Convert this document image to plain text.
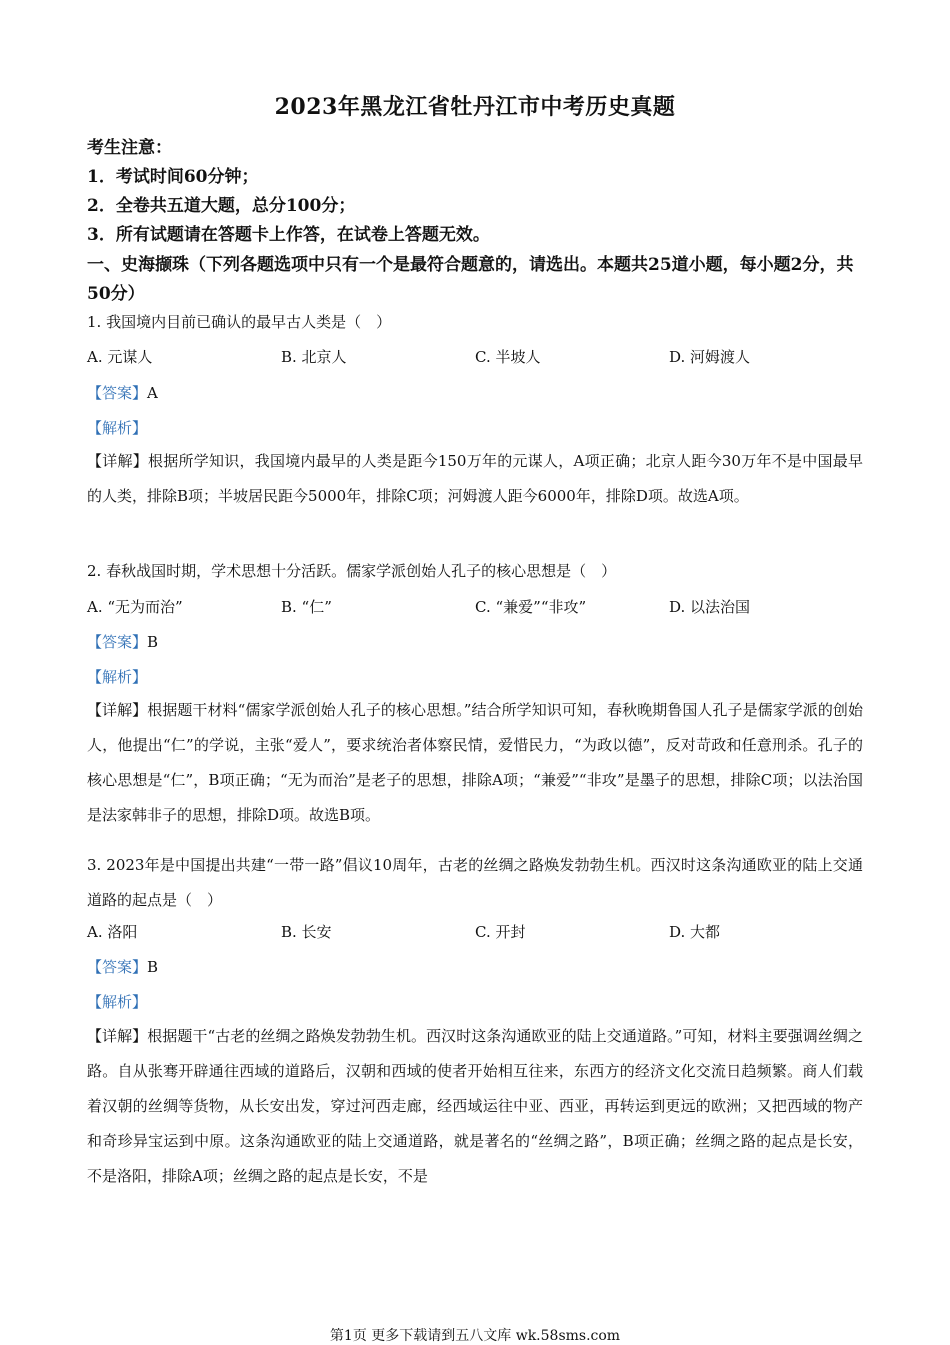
2023年黑龙江省牡丹江市中考历史真题
考生注意：
1．考试时间60分钟；
2．全卷共五道大题，总分100分；
3．所有试题请在答题卡上作答，在试卷上答题无效。
一、史海撷珠（下列各题选项中只有一个是最符合题意的，请选出。本题共25道小题，每小题2分，共50分）
1. 我国境内目前已确认的最早古人类是（　）
A. 元谋人	B. 北京人	C. 半坡人	D. 河姆渡人
【答案】A
【解析】
【详解】根据所学知识，我国境内最早的人类是距今150万年的元谋人，A项正确；北京人距今30万年不是中国最早的人类，排除B项；半坡居民距今5000年，排除C项；河姆渡人距今6000年，排除D项。故选A项。
2. 春秋战国时期，学术思想十分活跃。儒家学派创始人孔子的核心思想是（　）
A. “无为而治”	B. “仁”	C. “兼爱”“非攻”	D. 以法治国
【答案】B
【解析】
【详解】根据题干材料“儒家学派创始人孔子的核心思想。”结合所学知识可知，春秋晚期鲁国人孔子是儒家学派的创始人，他提出“仁”的学说，主张“爱人”，要求统治者体察民情，爱惜民力，“为政以德”，反对苛政和任意刑杀。孔子的核心思想是“仁”，B项正确；“无为而治”是老子的思想，排除A项；“兼爱”“非攻”是墨子的思想，排除C项；以法治国是法家韩非子的思想，排除D项。故选B项。
3. 2023年是中国提出共建“一带一路”倡议10周年，古老的丝绸之路焕发勃勃生机。西汉时这条沟通欧亚的陆上交通道路的起点是（　）
A. 洛阳	B. 长安	C. 开封	D. 大都
【答案】B
【解析】
【详解】根据题干“古老的丝绸之路焕发勃勃生机。西汉时这条沟通欧亚的陆上交通道路。”可知，材料主要强调丝绸之路。自从张骞开辟通往西域的道路后，汉朝和西域的使者开始相互往来，东西方的经济文化交流日趋频繁。商人们载着汉朝的丝绸等货物，从长安出发，穿过河西走廊，经西域运往中亚、西亚，再转运到更远的欧洲；又把西域的物产和奇珍异宝运到中原。这条沟通欧亚的陆上交通道路，就是著名的“丝绸之路”，B项正确；丝绸之路的起点是长安，不是洛阳，排除A项；丝绸之路的起点是长安，不是
第1页 更多下载请到五八文库 wk.58sms.com
